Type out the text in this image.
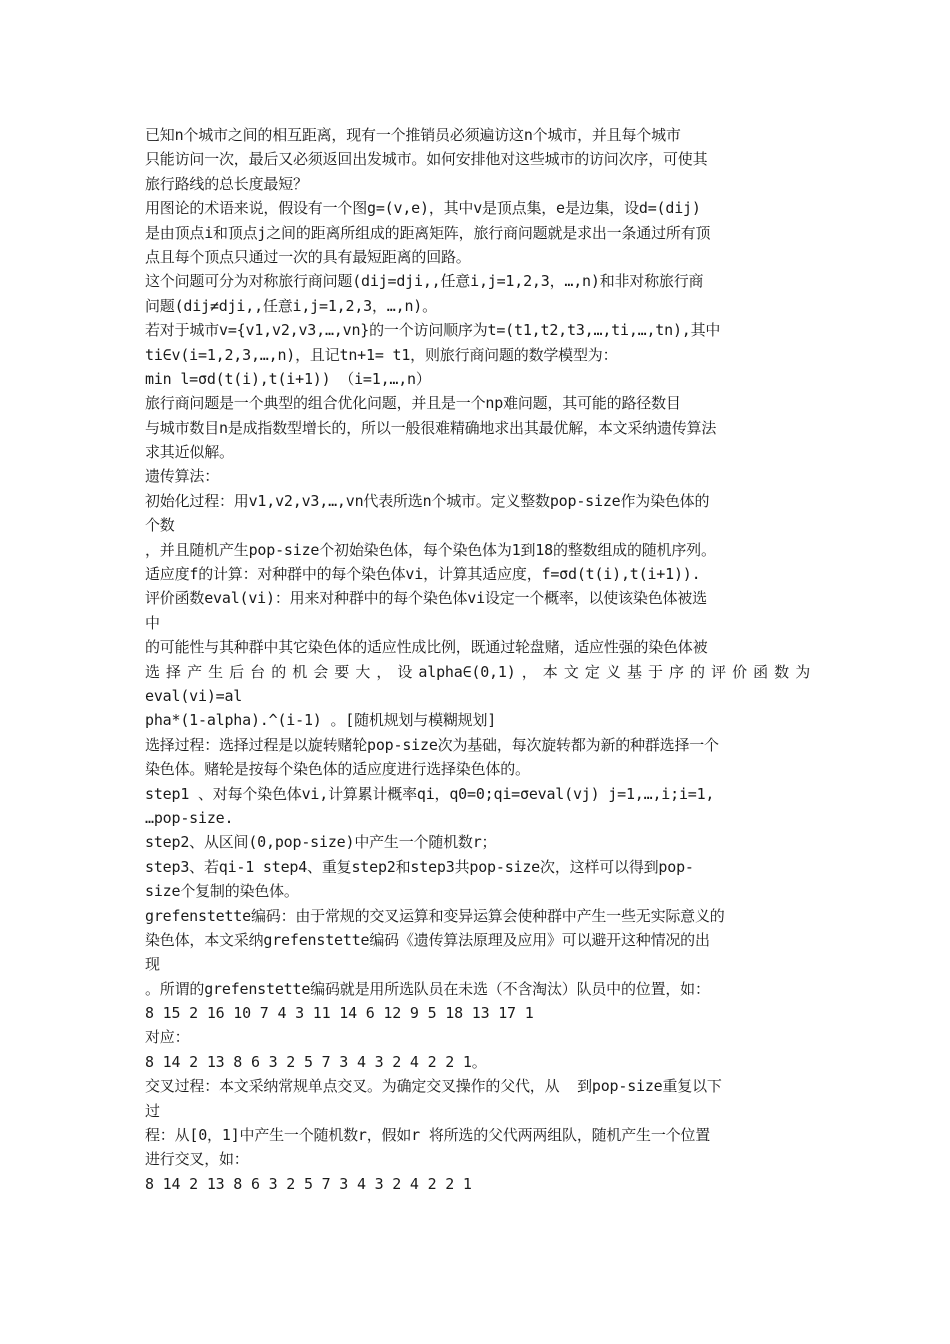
已知n个城市之间的相互距离，现有一个推销员必须遍访这n个城市，并且每个城市
只能访问一次，最后又必须返回出发城市。如何安排他对这些城市的访问次序，可使其
旅行路线的总长度最短？
用图论的术语来说，假设有一个图g=(v,e)，其中v是顶点集，e是边集，设d=(dij)
是由顶点i和顶点j之间的距离所组成的距离矩阵，旅行商问题就是求出一条通过所有顶
点且每个顶点只通过一次的具有最短距离的回路。
这个问题可分为对称旅行商问题(dij=dji,,任意i,j=1,2,3，…,n)和非对称旅行商
问题(dij≠dji,,任意i,j=1,2,3，…,n)。
若对于城市v={v1,v2,v3,…,vn}的一个访问顺序为t=(t1,t2,t3,…,ti,…,tn),其中
ti∈v(i=1,2,3,…,n)，且记tn+1= t1，则旅行商问题的数学模型为：
min l=σd(t(i),t(i+1)) （i=1,…,n）
旅行商问题是一个典型的组合优化问题，并且是一个np难问题，其可能的路径数目
与城市数目n是成指数型增长的，所以一般很难精确地求出其最优解，本文采纳遗传算法
求其近似解。
遗传算法：
初始化过程：用v1,v2,v3,…,vn代表所选n个城市。定义整数pop-size作为染色体的
个数
，并且随机产生pop-size个初始染色体，每个染色体为1到18的整数组成的随机序列。
适应度f的计算：对种群中的每个染色体vi，计算其适应度，f=σd(t(i),t(i+1)).
评价函数eval(vi)：用来对种群中的每个染色体vi设定一个概率，以使该染色体被选
中
的可能性与其种群中其它染色体的适应性成比例，既通过轮盘赌，适应性强的染色体被
选择产生后台的机会要大，设alpha∈(0,1)，本文定义基于序的评价函数为
eval(vi)=al
pha*(1-alpha).^(i-1) 。[随机规划与模糊规划]
选择过程：选择过程是以旋转赌轮pop-size次为基础，每次旋转都为新的种群选择一个
染色体。赌轮是按每个染色体的适应度进行选择染色体的。
step1 、对每个染色体vi,计算累计概率qi，q0=0;qi=σeval(vj) j=1,…,i;i=1,
…pop-size.
step2、从区间(0,pop-size)中产生一个随机数r；
step3、若qi-1 step4、重复step2和step3共pop-size次，这样可以得到pop-
size个复制的染色体。
grefenstette编码：由于常规的交叉运算和变异运算会使种群中产生一些无实际意义的
染色体，本文采纳grefenstette编码《遗传算法原理及应用》可以避开这种情况的出
现
。所谓的grefenstette编码就是用所选队员在未选（不含淘汰）队员中的位置，如：
8 15 2 16 10 7 4 3 11 14 6 12 9 5 18 13 17 1
对应：
8 14 2 13 8 6 3 2 5 7 3 4 3 2 4 2 2 1。
交叉过程：本文采纳常规单点交叉。为确定交叉操作的父代，从  到pop-size重复以下
过
程：从[0，1]中产生一个随机数r，假如r 将所选的父代两两组队，随机产生一个位置
进行交叉，如：
8 14 2 13 8 6 3 2 5 7 3 4 3 2 4 2 2 1
